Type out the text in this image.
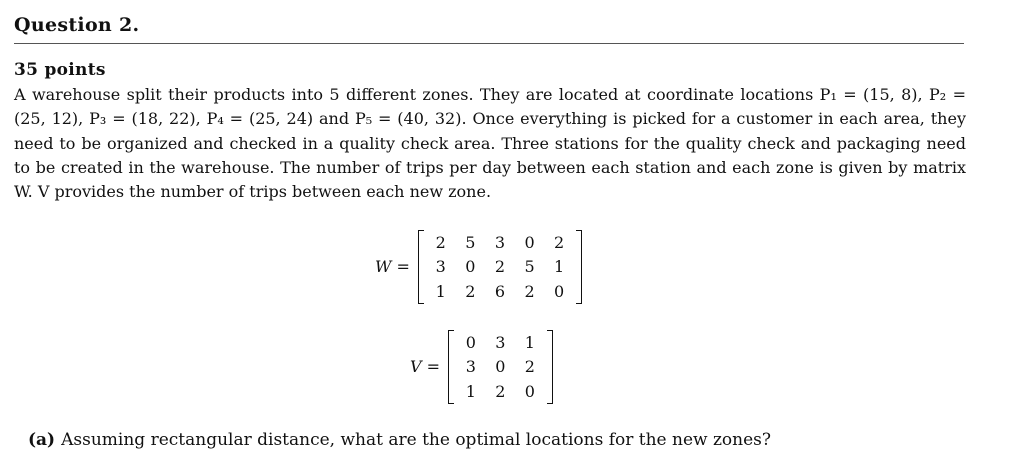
Question 2.
35 points
A warehouse split their products into 5 different zones. They are located at coordinate locations P₁ = (15, 8), P₂ = (25, 12), P₃ = (18, 22), P₄ = (25, 24) and P₅ = (40, 32). Once everything is picked for a customer in each area, they need to be organized and checked in a quality check area. Three stations for the quality check and packaging need to be created in the warehouse. The number of trips per day between each station and each zone is given by matrix W. V provides the number of trips between each new zone.
W =
2	5	3	0	2
3	0	2	5	1
1	2	6	2	0
V =
0	3	1
3	0	2
1	2	0
(a) Assuming rectangular distance, what are the optimal locations for the new zones?
